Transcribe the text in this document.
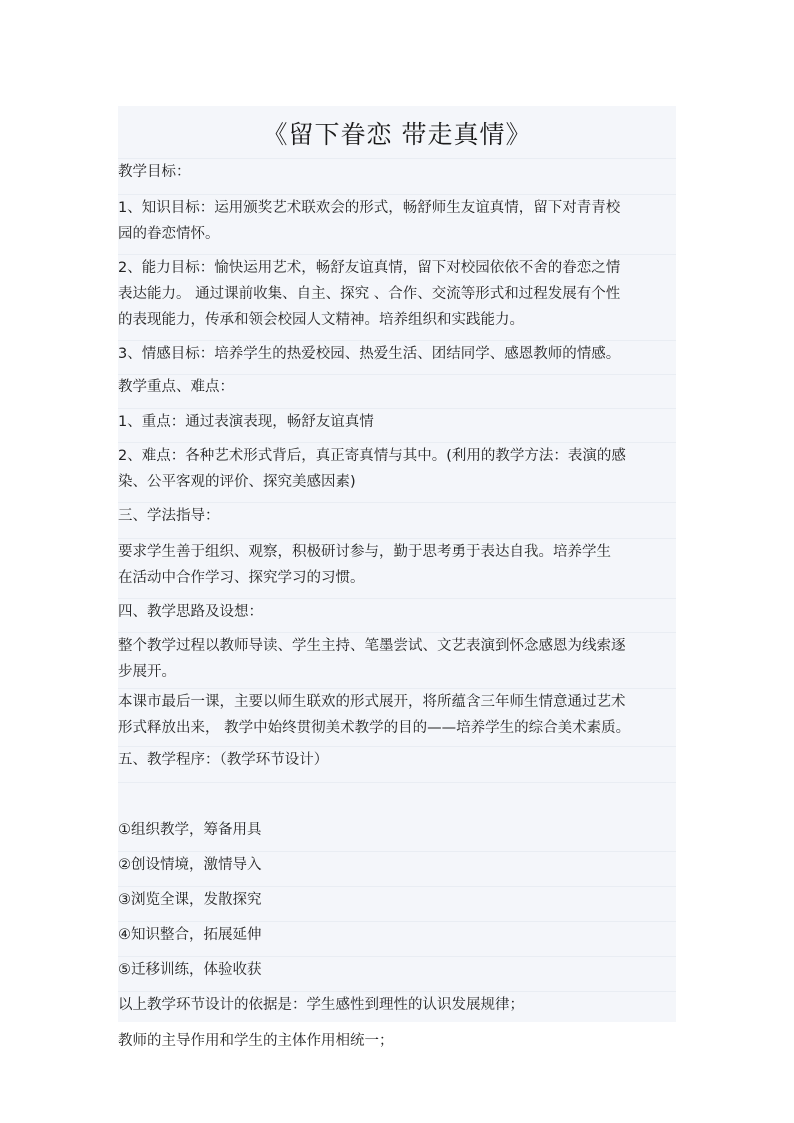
《留下眷恋 带走真情》
教学目标：
1、知识目标：运用颁奖艺术联欢会的形式，畅舒师生友谊真情，留下对青青校
园的眷恋情怀。
2、能力目标：愉快运用艺术，畅舒友谊真情，留下对校园依依不舍的眷恋之情
表达能力。 通过课前收集、自主、探究 、合作、交流等形式和过程发展有个性
的表现能力，传承和领会校园人文精神。培养组织和实践能力。
3、情感目标：培养学生的热爱校园、热爱生活、团结同学、感恩教师的情感。
教学重点、难点：
1、重点：通过表演表现，畅舒友谊真情
2、难点：各种艺术形式背后，真正寄真情与其中。(利用的教学方法：表演的感
染、公平客观的评价、探究美感因素)
三、学法指导：
要求学生善于组织、观察，积极研讨参与，勤于思考勇于表达自我。培养学生
在活动中合作学习、探究学习的习惯。
四、教学思路及设想：
整个教学过程以教师导读、学生主持、笔墨尝试、文艺表演到怀念感恩为线索逐
步展开。
本课市最后一课，主要以师生联欢的形式展开，将所蕴含三年师生情意通过艺术
形式释放出来， 教学中始终贯彻美术教学的目的——培养学生的综合美术素质。
五、教学程序：（教学环节设计）
①组织教学，筹备用具
②创设情境，激情导入
③浏览全课，发散探究
④知识整合，拓展延伸
⑤迁移训练，体验收获
以上教学环节设计的依据是：学生感性到理性的认识发展规律；
教师的主导作用和学生的主体作用相统一；
